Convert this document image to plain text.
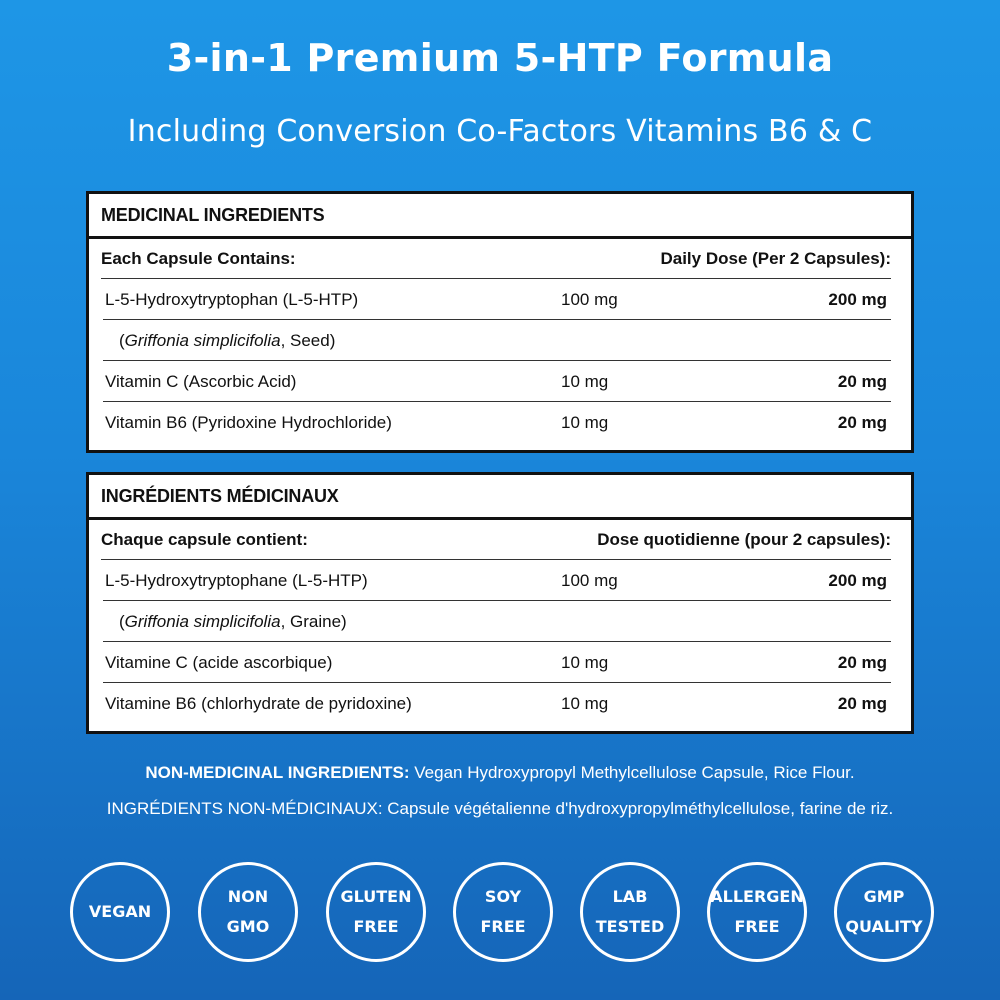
3-in-1 Premium 5-HTP Formula
Including Conversion Co-Factors Vitamins B6 & C
MEDICINAL INGREDIENTS
Each Capsule Contains:	Daily Dose (Per 2 Capsules):
L-5-Hydroxytryptophan (L-5-HTP)	100 mg	200 mg
(Griffonia simplicifolia, Seed)
Vitamin C (Ascorbic Acid)	10 mg	20 mg
Vitamin B6 (Pyridoxine Hydrochloride)	10 mg	20 mg
INGRÉDIENTS MÉDICINAUX
Chaque capsule contient:	Dose quotidienne (pour 2 capsules):
L-5-Hydroxytryptophane (L-5-HTP)	100 mg	200 mg
(Griffonia simplicifolia, Graine)
Vitamine C (acide ascorbique)	10 mg	20 mg
Vitamine B6 (chlorhydrate de pyridoxine)	10 mg	20 mg
NON-MEDICINAL INGREDIENTS: Vegan Hydroxypropyl Methylcellulose Capsule, Rice Flour.
INGRÉDIENTS NON-MÉDICINAUX: Capsule végétalienne d'hydroxypropylméthylcellulose, farine de riz.
VEGAN
NON
GMO
GLUTEN
FREE
SOY
FREE
LAB
TESTED
ALLERGEN
FREE
GMP
QUALITY
